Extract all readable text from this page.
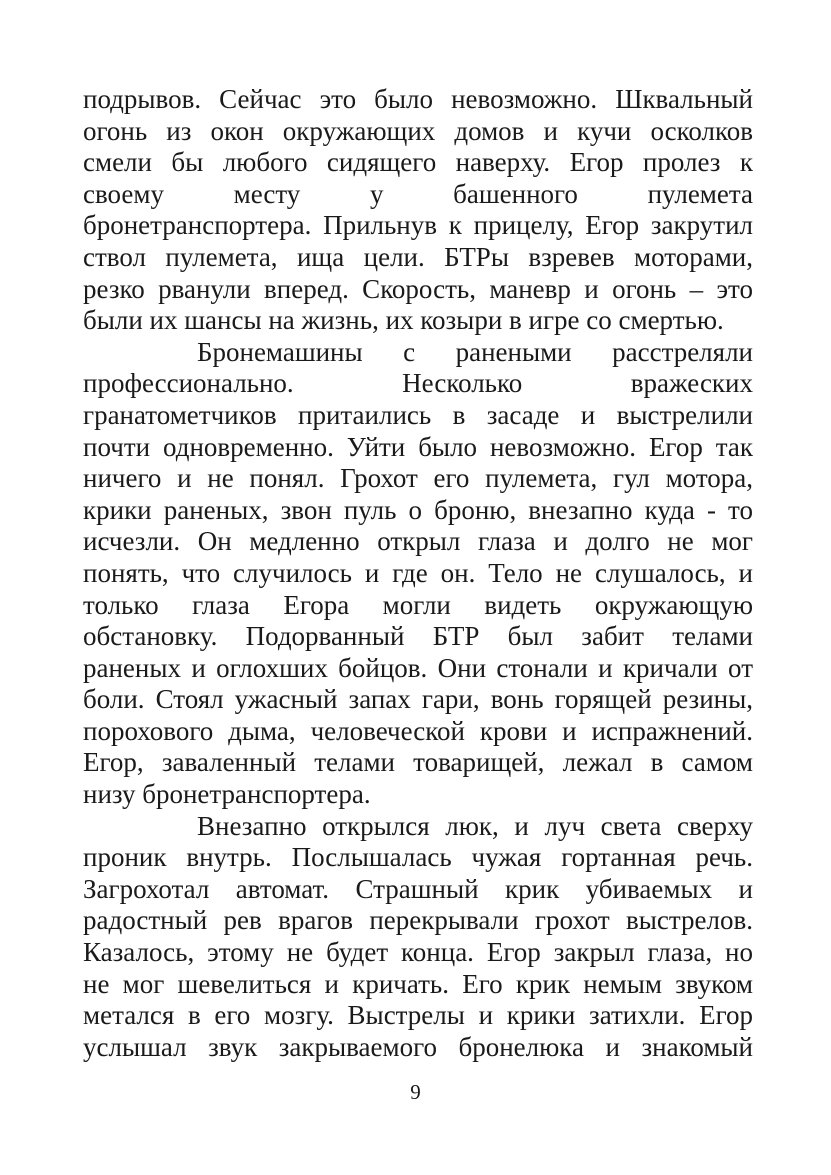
подрывов. Сейчас это было невозможно. Шквальный
огонь из окон окружающих домов и кучи осколков
смели бы любого сидящего наверху. Егор пролез к
своему месту у башенного пулемета
бронетранспортера. Прильнув к прицелу, Егор закрутил
ствол пулемета, ища цели. БТРы взревев моторами,
резко рванули вперед. Скорость, маневр и огонь – это
были их шансы на жизнь, их козыри в игре со смертью.
Бронемашины с ранеными расстреляли
профессионально. Несколько вражеских
гранатометчиков притаились в засаде и выстрелили
почти одновременно. Уйти было невозможно. Егор так
ничего и не понял. Грохот его пулемета, гул мотора,
крики раненых, звон пуль о броню, внезапно куда - то
исчезли. Он медленно открыл глаза и долго не мог
понять, что случилось и где он. Тело не слушалось, и
только глаза Егора могли видеть окружающую
обстановку. Подорванный БТР был забит телами
раненых и оглохших бойцов. Они стонали и кричали от
боли. Стоял ужасный запах гари, вонь горящей резины,
порохового дыма, человеческой крови и испражнений.
Егор, заваленный телами товарищей, лежал в самом
низу бронетранспортера.
Внезапно открылся люк, и луч света сверху
проник внутрь. Послышалась чужая гортанная речь.
Загрохотал автомат. Страшный крик убиваемых и
радостный рев врагов перекрывали грохот выстрелов.
Казалось, этому не будет конца. Егор закрыл глаза, но
не мог шевелиться и кричать. Его крик немым звуком
метался в его мозгу. Выстрелы и крики затихли. Егор
услышал звук закрываемого бронелюка и знакомый
9
